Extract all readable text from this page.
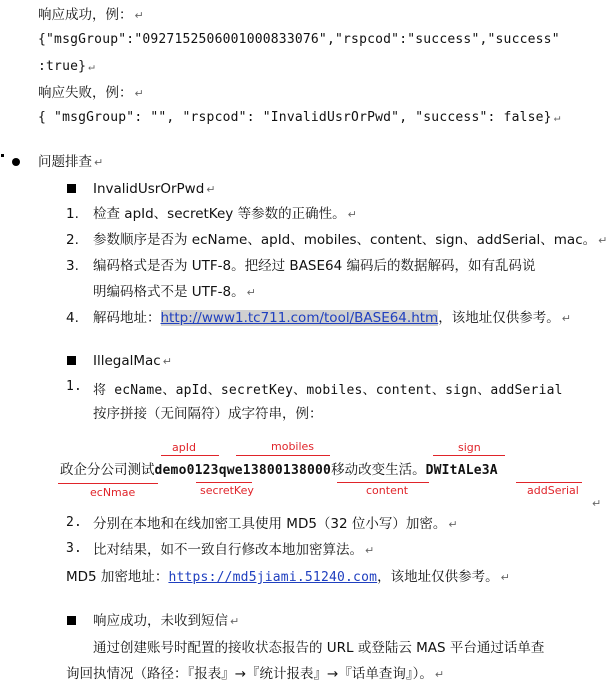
响应成功，例： ↵
{"msgGroup":"0927152506001000833076","rspcod":"success","success"
:true} ↵
响应失败，例： ↵
{ "msgGroup": "", "rspcod": "InvalidUsrOrPwd", "success": false} ↵
问题排查 ↵
InvalidUsrOrPwd ↵
1. 检查 apId、secretKey 等参数的正确性。 ↵
2. 参数顺序是否为 ecName、apId、mobiles、content、sign、addSerial、mac。 ↵
3. 编码格式是否为 UTF-8。把经过 BASE64 编码后的数据解码，如有乱码说
明编码格式不是 UTF-8。 ↵
4. 解码地址：http://www1.tc711.com/tool/BASE64.htm，该地址仅供参考。 ↵
IllegalMac ↵
1. 将 ecName、apId、secretKey、mobiles、content、sign、addSerial
按序拼接（无间隔符）成字符串，例：
apId	mobiles	sign
政企分公司测试demo0123qwe13800138000移动改变生活。DWItALe3A
ecNmae	secretKey	content	addSerial
↵
2. 分别在本地和在线加密工具使用 MD5（32 位小写）加密。 ↵
3. 比对结果，如不一致自行修改本地加密算法。 ↵
MD5 加密地址：https://md5jiami.51240.com，该地址仅供参考。 ↵
响应成功，未收到短信 ↵
通过创建账号时配置的接收状态报告的 URL 或登陆云 MAS 平台通过话单查
询回执情况（路径：『报表』→『统计报表』→『话单查询』）。 ↵
